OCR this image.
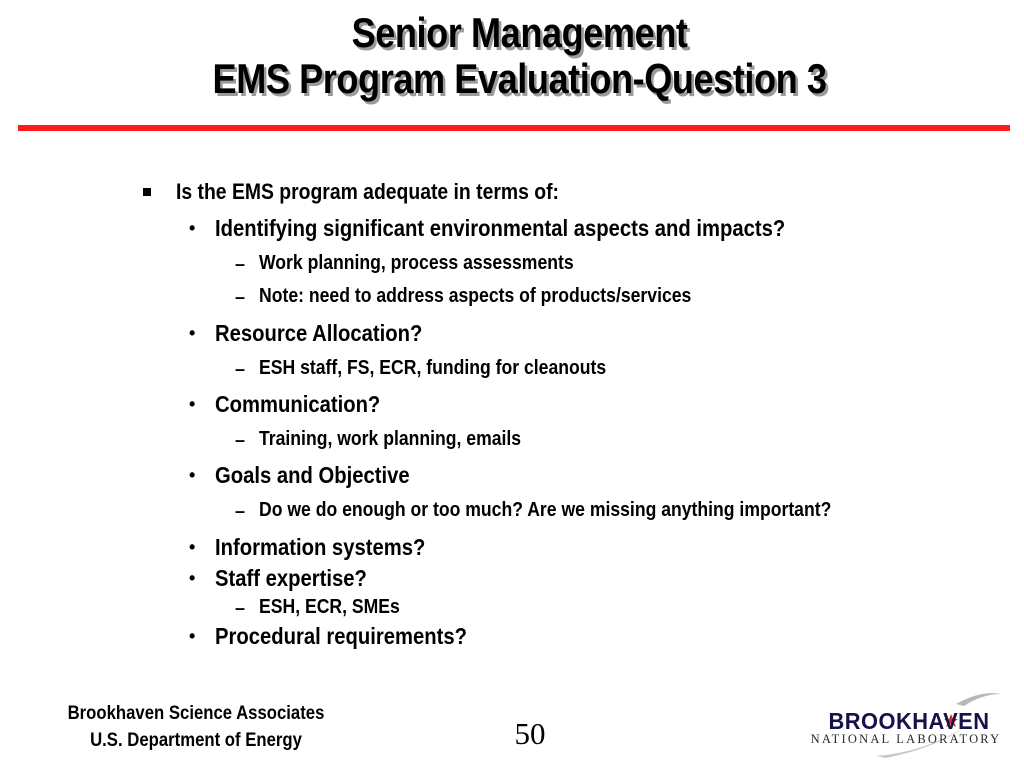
Senior Management
EMS Program Evaluation-Question 3
Is the EMS program adequate in terms of:
• Identifying significant environmental aspects and impacts?
– Work planning, process assessments
– Note: need to address aspects of products/services
• Resource Allocation?
– ESH staff, FS, ECR, funding for cleanouts
• Communication?
– Training, work planning, emails
• Goals and Objective
– Do we do enough or too much? Are we missing anything important?
• Information systems?
• Staff expertise?
– ESH, ECR, SMEs
• Procedural requirements?
Brookhaven Science Associates
U.S. Department of Energy	50	BROOKHAVEN
NATIONAL LABORATORY
